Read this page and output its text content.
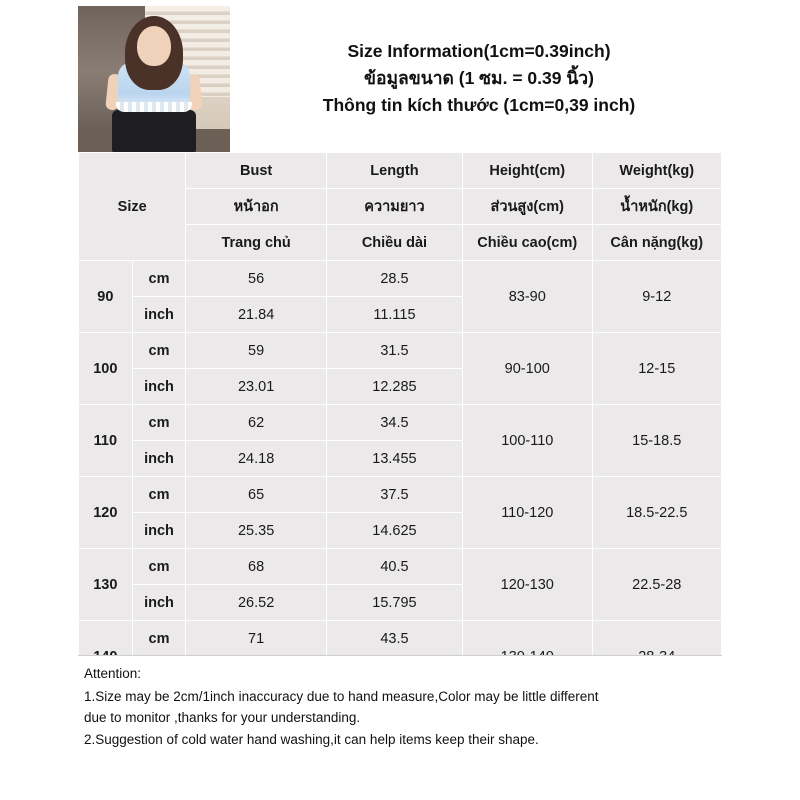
Size Information(1cm=0.39inch)
ข้อมูลขนาด (1 ซม. = 0.39 นิ้ว)
Thông tin kích thước (1cm=0,39 inch)
Size		Bust	Length	Height(cm)	Weight(kg)
		หน้าอก	ความยาว	ส่วนสูง(cm)	น้ำหนัก(kg)
		Trang chủ	Chiều dài	Chiều cao(cm)	Cân nặng(kg)
90	cm	56	28.5	83-90	9-12
	inch	21.84	11.115		
100	cm	59	31.5	90-100	12-15
	inch	23.01	12.285		
110	cm	62	34.5	100-110	15-18.5
	inch	24.18	13.455		
120	cm	65	37.5	110-120	18.5-22.5
	inch	25.35	14.625		
130	cm	68	40.5	120-130	22.5-28
	inch	26.52	15.795		
	cm	71	43.5		

Attention:

1.Size may be 2cm/1inch inaccuracy due to hand measure,Color may be little different

due to monitor ,thanks for your understanding.

2.Suggestion of cold water hand washing,it can help items keep their shape.
